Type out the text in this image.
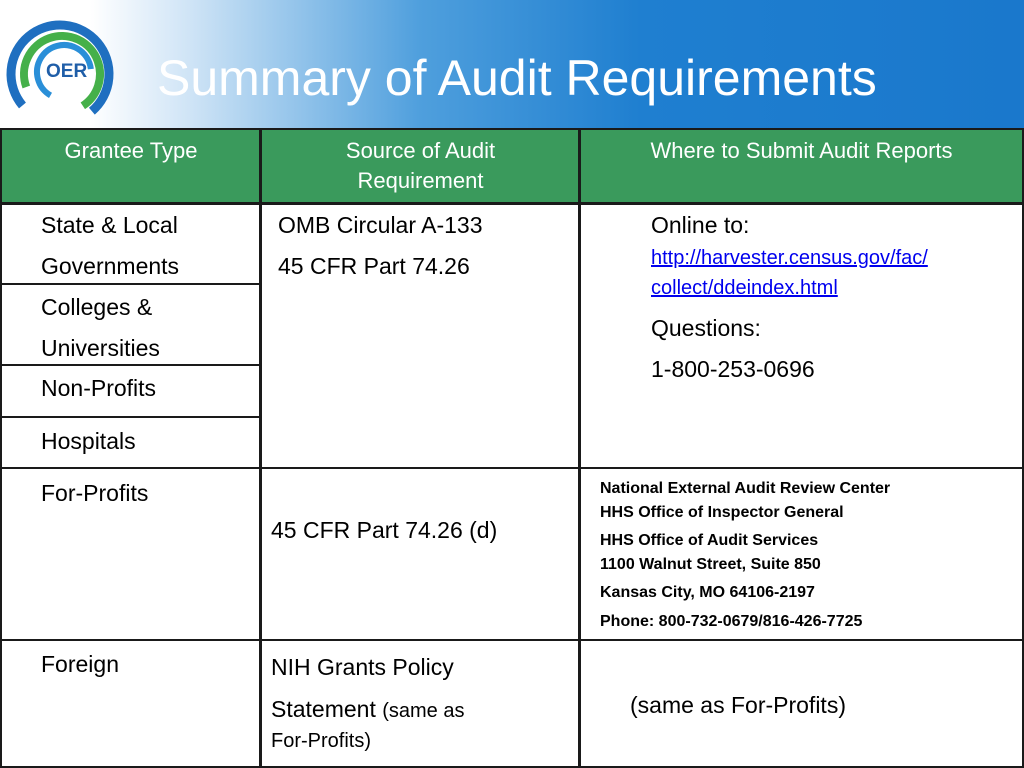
OER Summary of Audit Requirements
Grantee Type	Source of Audit Requirement
Where to Submit Audit Reports
State & Local
Governments
Colleges &
Universities
Non-Profits
Hospitals
For-Profits
Foreign
OMB Circular A-133
45 CFR Part 74.26
45 CFR Part 74.26 (d)
NIH Grants Policy
Statement (same as
For-Profits)
Online to:
http://harvester.census.gov/fac/
collect/ddeindex.html
Questions:
1-800-253-0696
National External Audit Review Center
HHS Office of Inspector General
HHS Office of Audit Services
1100 Walnut Street, Suite 850
Kansas City, MO 64106-2197
Phone: 800-732-0679/816-426-7725
(same as For-Profits)
